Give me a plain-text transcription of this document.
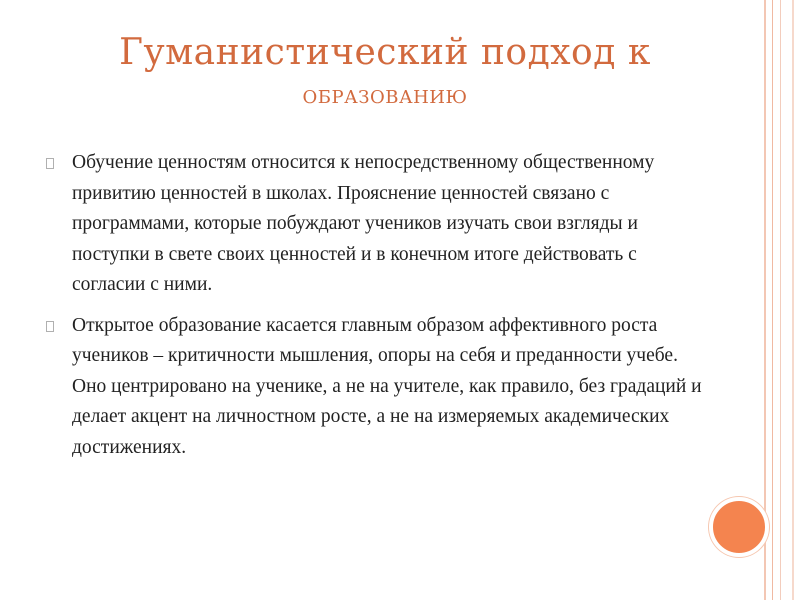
Гуманистический подход к
образованию
Обучение ценностям относится к непосредственному общественному привитию ценностей в школах. Прояснение ценностей связано с программами, которые побуждают учеников изучать свои взгляды и поступки в свете своих ценностей и в конечном итоге действовать с согласии с ними.
Открытое образование касается главным образом аффективного роста учеников – критичности мышления, опоры на себя и преданности учебе. Оно центрировано на ученике, а не на учителе, как правило, без градаций и делает акцент на личностном росте, а не на измеряемых академических достижениях.
